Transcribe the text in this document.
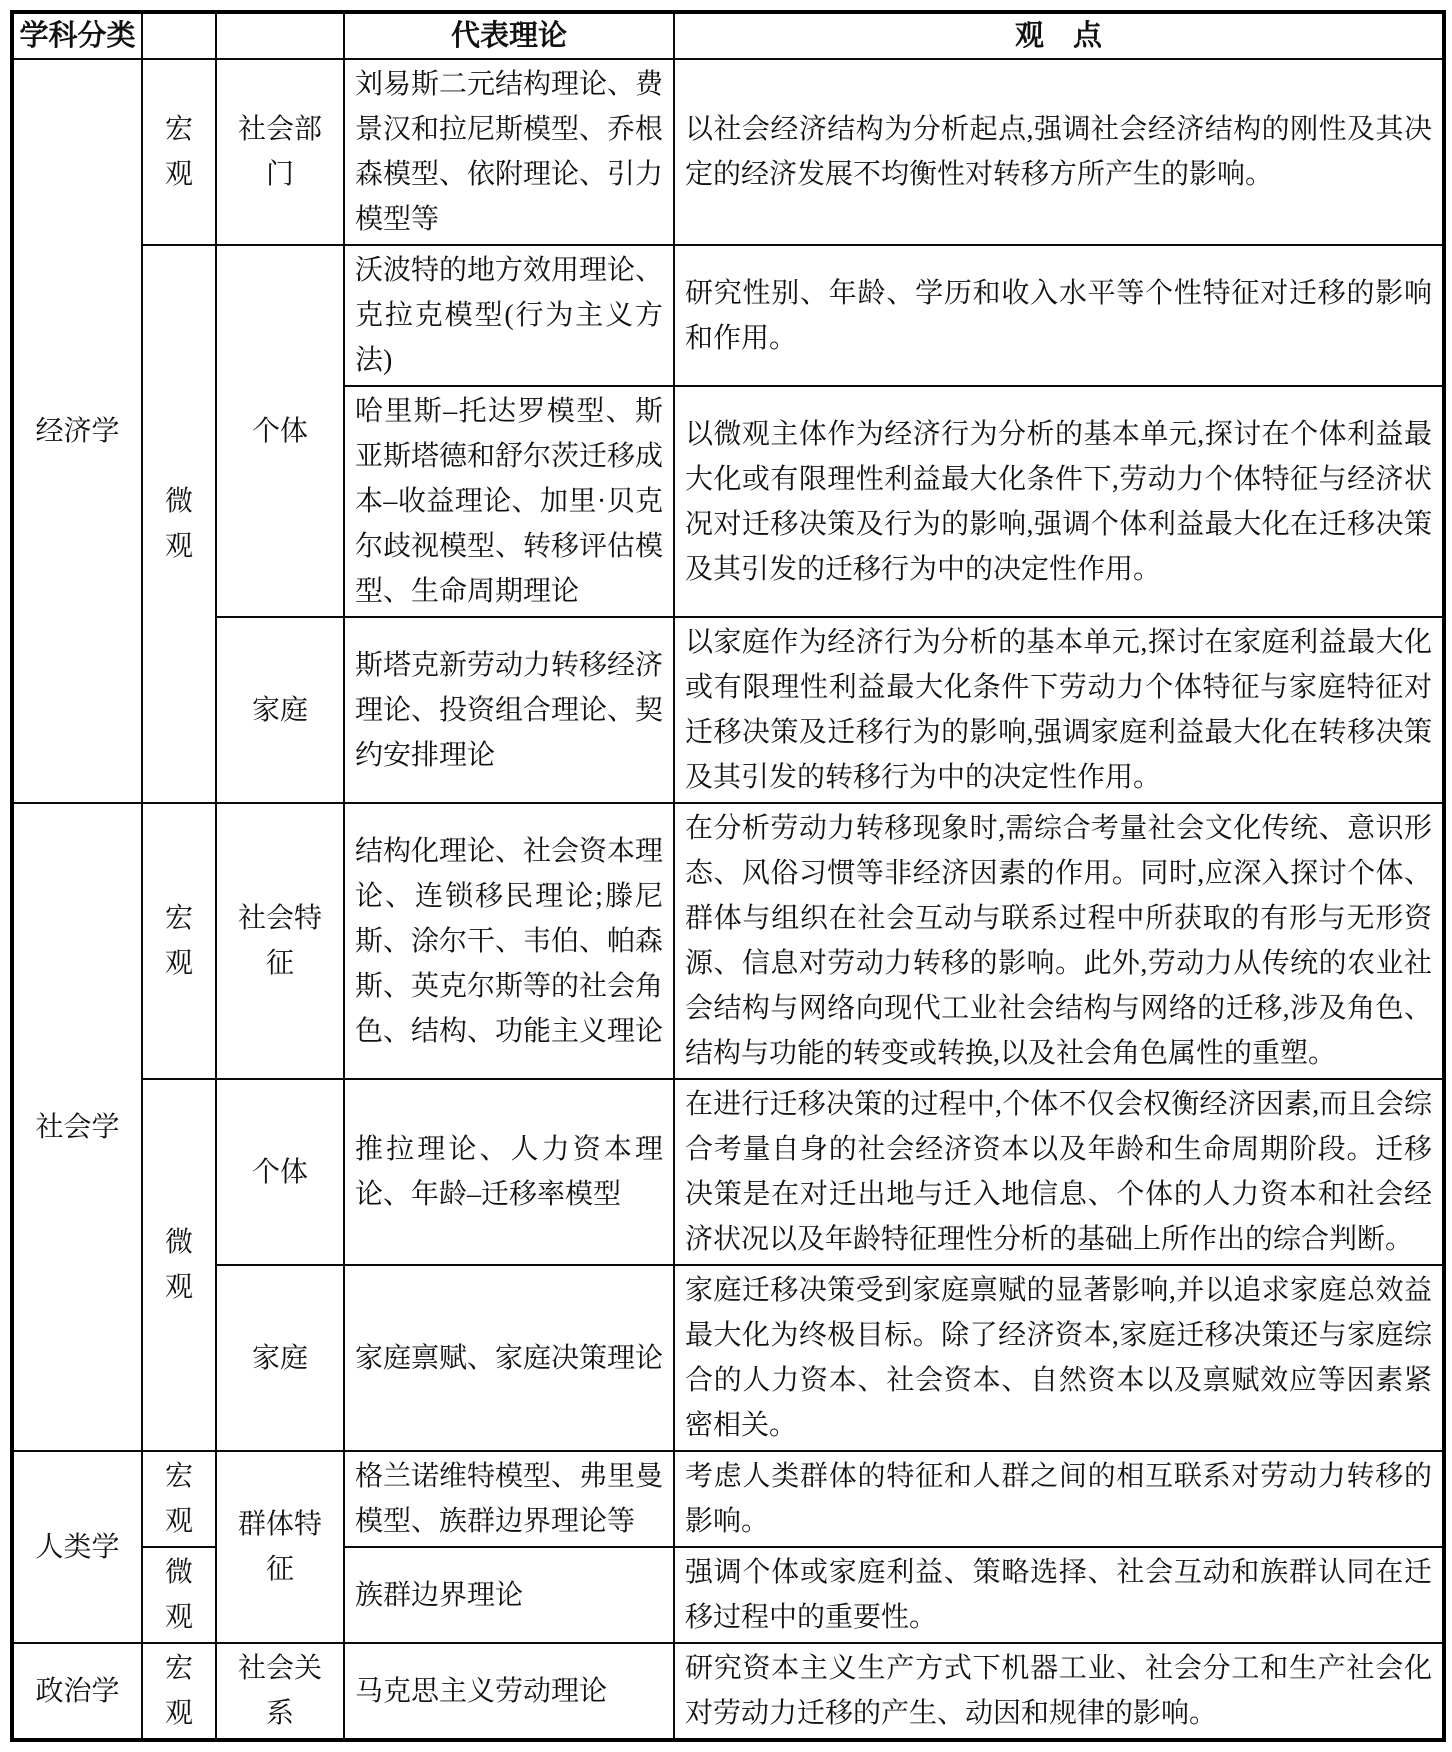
学科分类			代表理论	观　点
经济学	宏观	社会部门	刘易斯二元结构理论、费景汉和拉尼斯模型、乔根森模型、依附理论、引力模型等	以社会经济结构为分析起点,强调社会经济结构的刚性及其决定的经济发展不均衡性对转移方所产生的影响。
	微观	个体	沃波特的地方效用理论、克拉克模型(行为主义方法)	研究性别、年龄、学历和收入水平等个性特征对迁移的影响和作用。
			哈里斯–托达罗模型、斯亚斯塔德和舒尔茨迁移成本–收益理论、加里·贝克尔歧视模型、转移评估模型、生命周期理论	以微观主体作为经济行为分析的基本单元,探讨在个体利益最大化或有限理性利益最大化条件下,劳动力个体特征与经济状况对迁移决策及行为的影响,强调个体利益最大化在迁移决策及其引发的迁移行为中的决定性作用。
		家庭	斯塔克新劳动力转移经济理论、投资组合理论、契约安排理论	以家庭作为经济行为分析的基本单元,探讨在家庭利益最大化或有限理性利益最大化条件下劳动力个体特征与家庭特征对迁移决策及迁移行为的影响,强调家庭利益最大化在转移决策及其引发的转移行为中的决定性作用。
社会学	宏观	社会特征	结构化理论、社会资本理论、连锁移民理论;滕尼斯、涂尔干、韦伯、帕森斯、英克尔斯等的社会角色、结构、功能主义理论	在分析劳动力转移现象时,需综合考量社会文化传统、意识形态、风俗习惯等非经济因素的作用。同时,应深入探讨个体、群体与组织在社会互动与联系过程中所获取的有形与无形资源、信息对劳动力转移的影响。此外,劳动力从传统的农业社会结构与网络向现代工业社会结构与网络的迁移,涉及角色、结构与功能的转变或转换,以及社会角色属性的重塑。
	微观	个体	推拉理论、人力资本理论、年龄–迁移率模型	在进行迁移决策的过程中,个体不仅会权衡经济因素,而且会综合考量自身的社会经济资本以及年龄和生命周期阶段。迁移决策是在对迁出地与迁入地信息、个体的人力资本和社会经济状况以及年龄特征理性分析的基础上所作出的综合判断。
		家庭	家庭禀赋、家庭决策理论	家庭迁移决策受到家庭禀赋的显著影响,并以追求家庭总效益最大化为终极目标。除了经济资本,家庭迁移决策还与家庭综合的人力资本、社会资本、自然资本以及禀赋效应等因素紧密相关。
人类学	宏观	群体特征	格兰诺维特模型、弗里曼模型、族群边界理论等	考虑人类群体的特征和人群之间的相互联系对劳动力转移的影响。
	微观		族群边界理论	强调个体或家庭利益、策略选择、社会互动和族群认同在迁移过程中的重要性。
政治学	宏观	社会关系	马克思主义劳动理论	研究资本主义生产方式下机器工业、社会分工和生产社会化对劳动力迁移的产生、动因和规律的影响。
